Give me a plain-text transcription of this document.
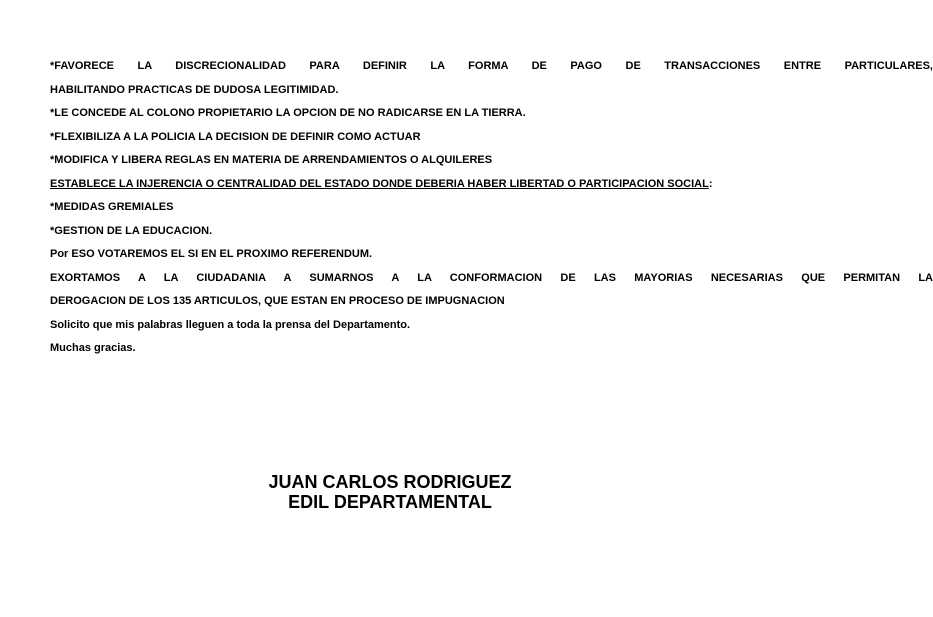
*FAVORECE LA DISCRECIONALIDAD PARA DEFINIR LA FORMA DE PAGO DE TRANSACCIONES ENTRE PARTICULARES,

HABILITANDO PRACTICAS DE DUDOSA LEGITIMIDAD.

*LE CONCEDE AL COLONO PROPIETARIO LA OPCION DE NO RADICARSE EN LA TIERRA.

*FLEXIBILIZA A LA POLICIA LA DECISION DE DEFINIR COMO ACTUAR

*MODIFICA Y LIBERA REGLAS EN MATERIA DE ARRENDAMIENTOS O ALQUILERES

ESTABLECE LA INJERENCIA O CENTRALIDAD DEL ESTADO DONDE DEBERIA HABER LIBERTAD O PARTICIPACION SOCIAL:

*MEDIDAS GREMIALES

*GESTION DE LA EDUCACION.

Por ESO VOTAREMOS EL SI EN EL PROXIMO REFERENDUM.

EXORTAMOS A LA CIUDADANIA A SUMARNOS A LA CONFORMACION DE LAS MAYORIAS NECESARIAS QUE PERMITAN LA

DEROGACION DE LOS 135 ARTICULOS, QUE ESTAN EN PROCESO DE IMPUGNACION

Solicito que mis palabras lleguen a toda la prensa del Departamento.

Muchas gracias.

JUAN CARLOS RODRIGUEZ

EDIL DEPARTAMENTAL
